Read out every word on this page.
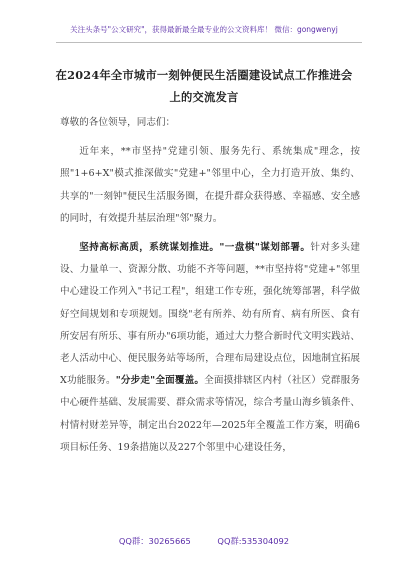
关注头条号"公文研究"，获得最新最全最专业的公文资料库！ 微信：gongwenyj
在2024年全市城市一刻钟便民生活圈建设试点工作推进会
上的交流发言

尊敬的各位领导，同志们：

近年来，**市坚持"党建引领、服务先行、系统集成"理念，按照"1+6+X"模式推深做实"党建+"邻里中心，全力打造开放、集约、共享的"一刻钟"便民生活服务圈，在提升群众获得感、幸福感、安全感的同时，有效提升基层治理"邻"聚力。

坚持高标高质，系统谋划推进。"一盘棋"谋划部署。针对多头建设、力量单一、资源分散、功能不齐等问题，**市坚持将"党建+"邻里中心建设工作列入"书记工程"，组建工作专班，强化统筹部署，科学做好空间规划和专项规划。围绕"老有所养、幼有所育、病有所医、食有所安居有所乐、事有所办"6项功能，通过大力整合新时代文明实践站、老人活动中心、便民服务站等场所，合理布局建设点位，因地制宜拓展X功能服务。"分步走"全面覆盖。全面摸排辖区内村（社区）党群服务中心硬件基础、发展需要、群众需求等情况，综合考量山海乡镇条件、村情村财差异等，制定出台2022年—2025年全覆盖工作方案，明确6项目标任务、19条措施以及227个邻里中心建设任务，

QQ群：30265665	QQ群:535304092
